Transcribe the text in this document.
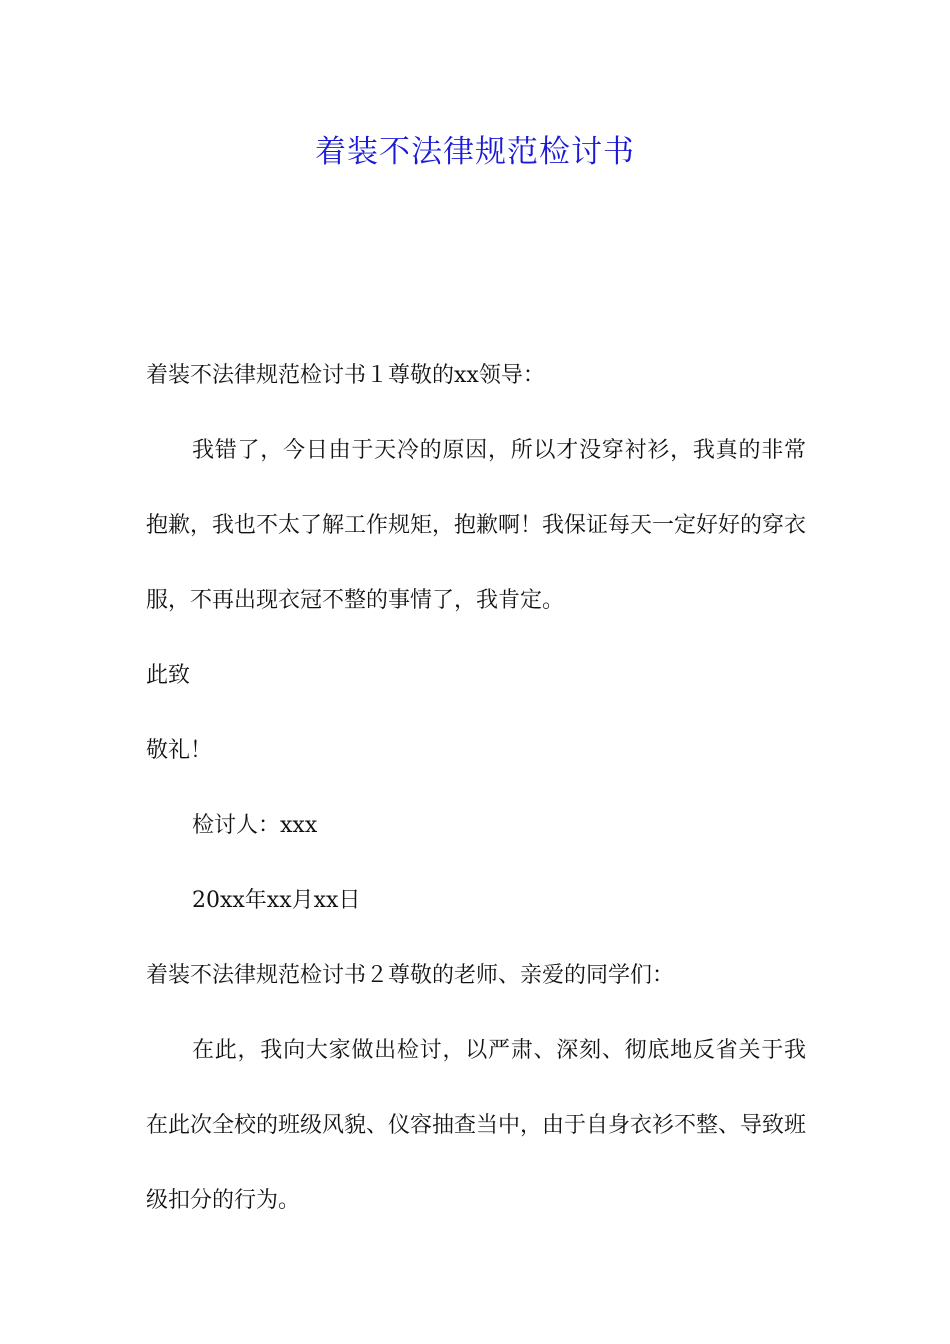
着装不法律规范检讨书

着装不法律规范检讨书１尊敬的xx领导：

我错了，今日由于天冷的原因，所以才没穿衬衫，我真的非常抱歉，我也不太了解工作规矩，抱歉啊！我保证每天一定好好的穿衣服，不再出现衣冠不整的事情了，我肯定。

此致

敬礼！

检讨人：xxx

20xx年xx月xx日

着装不法律规范检讨书２尊敬的老师、亲爱的同学们：

在此，我向大家做出检讨，以严肃、深刻、彻底地反省关于我在此次全校的班级风貌、仪容抽查当中，由于自身衣衫不整、导致班级扣分的行为。
